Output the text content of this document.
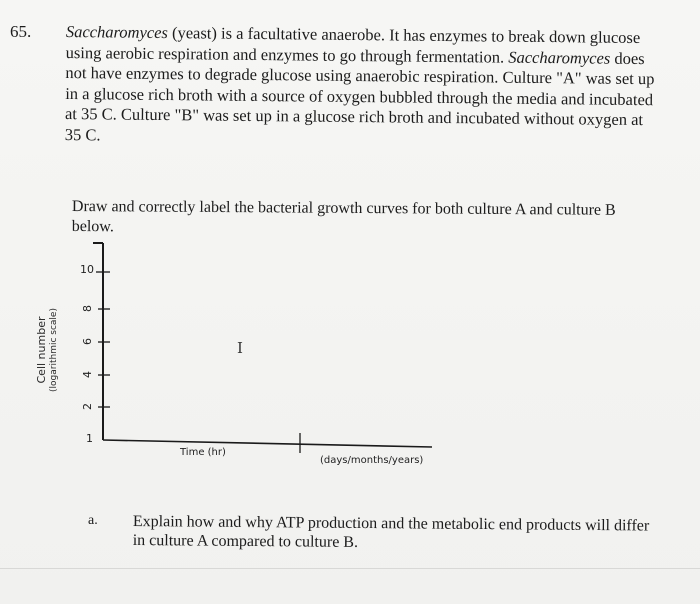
65. Saccharomyces (yeast) is a facultative anaerobe. It has enzymes to break down glucose

using aerobic respiration and enzymes to go through fermentation. Saccharomyces does

not have enzymes to degrade glucose using anaerobic respiration. Culture "A" was set up

in a glucose rich broth with a source of oxygen bubbled through the media and incubated

at 35 C. Culture "B" was set up in a glucose rich broth and incubated without oxygen at

35 C.

Draw and correctly label the bacterial growth curves for both culture A and culture B
below.
Cell number (logarithmic scale)
10
8
6
4
2
1
Time (hr)
(days/months/years)
I
a. Explain how and why ATP production and the metabolic end products will differ
in culture A compared to culture B.
